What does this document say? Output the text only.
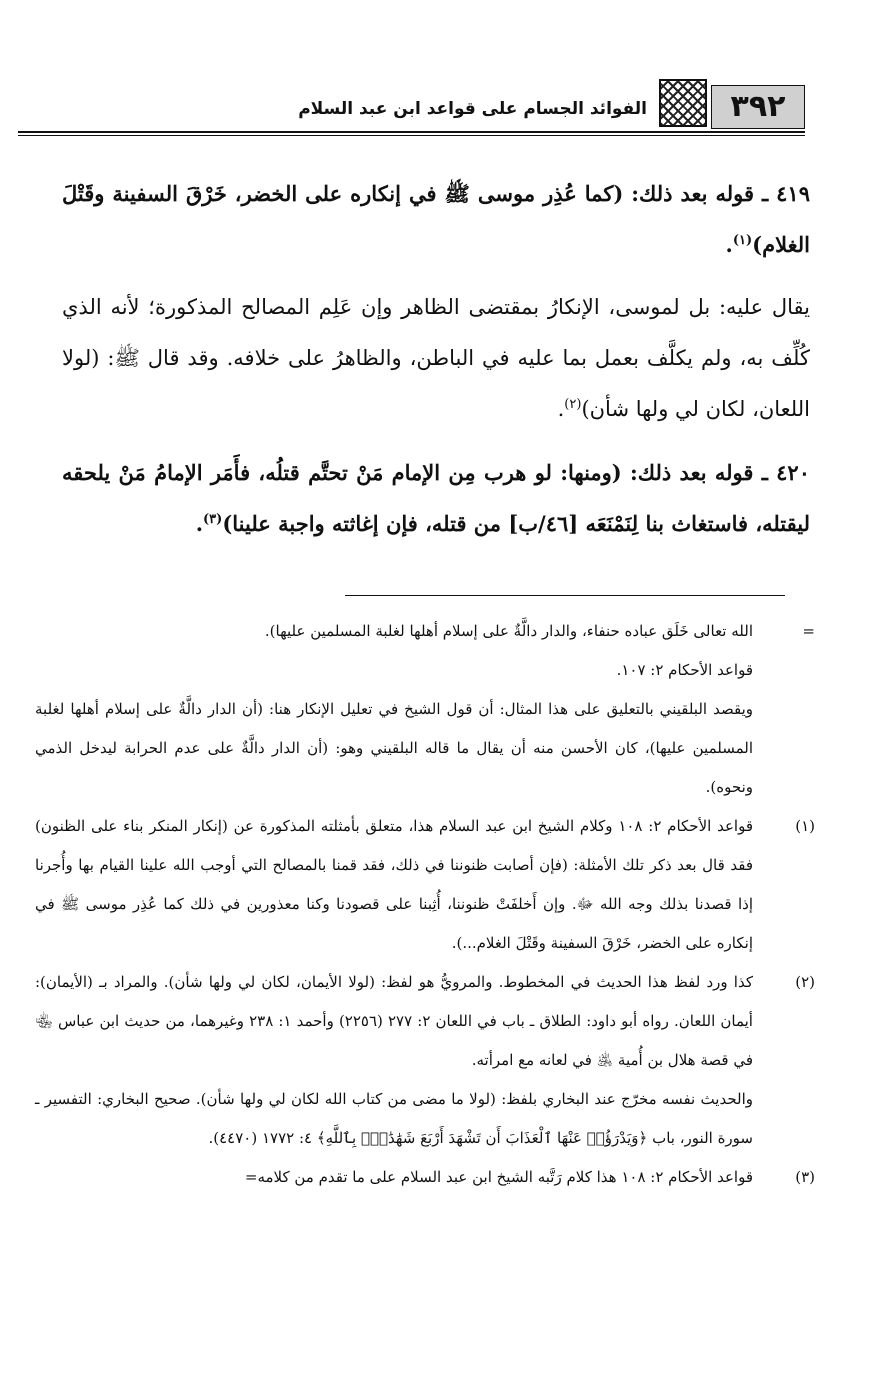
٣٩٢
الفوائد الجسام على قواعد ابن عبد السلام

٤١٩ ـ قوله بعد ذلك: (كما عُذِر موسى ﷺ في إنكاره على الخضر، خَرْقَ السفينة وقَتْلَ الغلام)$^{(١)}$.

يقال عليه: بل لموسى، الإنكارُ بمقتضى الظاهر وإن عَلِم المصالح المذكورة؛ لأنه الذي كُلِّف به، ولم يكلَّف بعمل بما عليه في الباطن، والظاهرُ على خلافه. وقد قال ﷺ: (لولا اللعان، لكان لي ولها شأن)$^{(٢)}$.

٤٢٠ ـ قوله بعد ذلك: (ومنها: لو هرب مِن الإمام مَنْ تحتَّم قتلُه، فأَمَر الإمامُ مَنْ يلحقه ليقتله، فاستغاث بنا لِنَمْنَعَه [٤٦/ب] من قتله، فإن إغاثته واجبة علينا)$^{(٣)}$.

=

الله تعالى خَلَق عباده حنفاء، والدار دالَّةٌ على إسلام أهلها لغلبة المسلمين عليها).

قواعد الأحكام ٢: ١٠٧.

ويقصد البلقيني بالتعليق على هذا المثال: أن قول الشيخ في تعليل الإنكار هنا: (أن الدار دالَّةٌ على إسلام أهلها لغلبة المسلمين عليها)، كان الأحسن منه أن يقال ما قاله البلقيني وهو: (أن الدار دالَّةٌ على عدم الحرابة ليدخل الذمي ونحوه).

(١)

قواعد الأحكام ٢: ١٠٨ وكلام الشيخ ابن عبد السلام هذا، متعلق بأمثلته المذكورة عن (إنكار المنكر بناء على الظنون) فقد قال بعد ذكر تلك الأمثلة: (فإن أصابت ظنوننا في ذلك، فقد قمنا بالمصالح التي أوجب الله علينا القيام بها وأُجرنا إذا قصدنا بذلك وجه الله ﷻ. وإن أَخلفَتْ ظنوننا، أُثِبنا على قصودنا وكنا معذورين في ذلك كما عُذِر موسى ﷺ في إنكاره على الخضر، خَرْقَ السفينة وقَتْلَ الغلام...).

(٢)

كذا ورد لفظ هذا الحديث في المخطوط. والمرويُّ هو لفظ: (لولا الأيمان، لكان لي ولها شأن). والمراد بـ (الأيمان): أيمان اللعان. رواه أبو داود: الطلاق ـ باب في اللعان ٢: ٢٧٧ (٢٢٥٦) وأحمد ١: ٢٣٨ وغيرهما، من حديث ابن عباس ﵄ في قصة هلال بن أُمية ﵁ في لعانه مع امرأته.

والحديث نفسه مخرّج عند البخاري بلفظ: (لولا ما مضى من كتاب الله لكان لي ولها شأن). صحيح البخاري: التفسير ـ سورة النور، باب ﴿وَيَدْرَؤُا۟ عَنْهَا ٱلْعَذَابَ أَن تَشْهَدَ أَرْبَعَ شَهَٰدَٰتٍۭ بِٱللَّهِ﴾ ٤: ١٧٧٢ (٤٤٧٠).

(٣)

قواعد الأحكام ٢: ١٠٨ هذا كلام رَتَّبه الشيخ ابن عبد السلام على ما تقدم من كلامه=
